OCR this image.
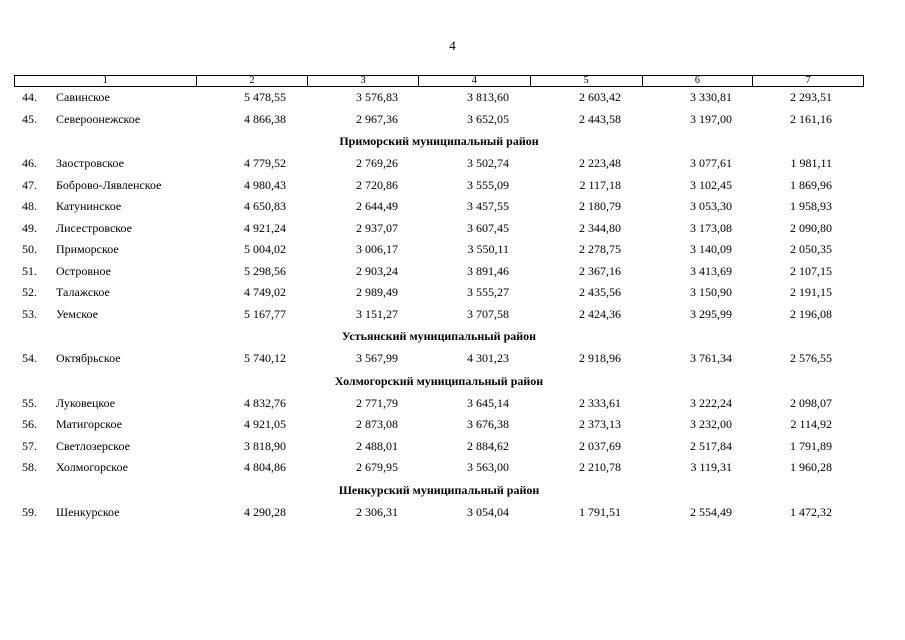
4
1	2	3	4	5	6	7
44. Савинское	5 478,55	3 576,83	3 813,60	2 603,42	3 330,81	2 293,51
45. Североонежское	4 866,38	2 967,36	3 652,05	2 443,58	3 197,00	2 161,16
Приморский муниципальный район
46. Заостровское	4 779,52	2 769,26	3 502,74	2 223,48	3 077,61	1 981,11
47. Боброво-Лявленское	4 980,43	2 720,86	3 555,09	2 117,18	3 102,45	1 869,96
48. Катунинское	4 650,83	2 644,49	3 457,55	2 180,79	3 053,30	1 958,93
49. Лисестровское	4 921,24	2 937,07	3 607,45	2 344,80	3 173,08	2 090,80
50. Приморское	5 004,02	3 006,17	3 550,11	2 278,75	3 140,09	2 050,35
51. Островное	5 298,56	2 903,24	3 891,46	2 367,16	3 413,69	2 107,15
52. Талажское	4 749,02	2 989,49	3 555,27	2 435,56	3 150,90	2 191,15
53. Уемское	5 167,77	3 151,27	3 707,58	2 424,36	3 295,99	2 196,08
Устьянский муниципальный район
54. Октябрьское	5 740,12	3 567,99	4 301,23	2 918,96	3 761,34	2 576,55
Холмогорский муниципальный район
55. Луковецкое	4 832,76	2 771,79	3 645,14	2 333,61	3 222,24	2 098,07
56. Матигорское	4 921,05	2 873,08	3 676,38	2 373,13	3 232,00	2 114,92
57. Светлозерское	3 818,90	2 488,01	2 884,62	2 037,69	2 517,84	1 791,89
58. Холмогорское	4 804,86	2 679,95	3 563,00	2 210,78	3 119,31	1 960,28
Шенкурский муниципальный район
59. Шенкурское	4 290,28	2 306,31	3 054,04	1 791,51	2 554,49	1 472,32
